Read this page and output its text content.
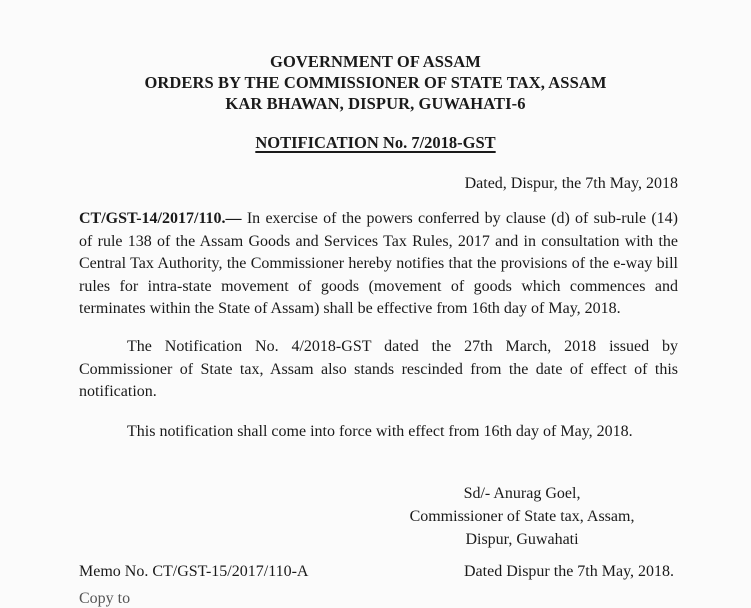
GOVERNMENT OF ASSAM
ORDERS BY THE COMMISSIONER OF STATE TAX, ASSAM
KAR BHAWAN, DISPUR, GUWAHATI-6
NOTIFICATION No. 7/2018-GST
Dated, Dispur, the 7th May, 2018
CT/GST-14/2017/110.— In exercise of the powers conferred by clause (d) of sub-rule (14) of rule 138 of the Assam Goods and Services Tax Rules, 2017 and in consultation with the Central Tax Authority, the Commissioner hereby notifies that the provisions of the e-way bill rules for intra-state movement of goods (movement of goods which commences and terminates within the State of Assam) shall be effective from 16th day of May, 2018.
The Notification No. 4/2018-GST dated the 27th March, 2018 issued by Commissioner of State tax, Assam also stands rescinded from the date of effect of this notification.
This notification shall come into force with effect from 16th day of May, 2018.
Sd/- Anurag Goel,
Commissioner of State tax, Assam,
Dispur, Guwahati
Memo No. CT/GST-15/2017/110-A	Dated Dispur the 7th May, 2018.
Copy to
